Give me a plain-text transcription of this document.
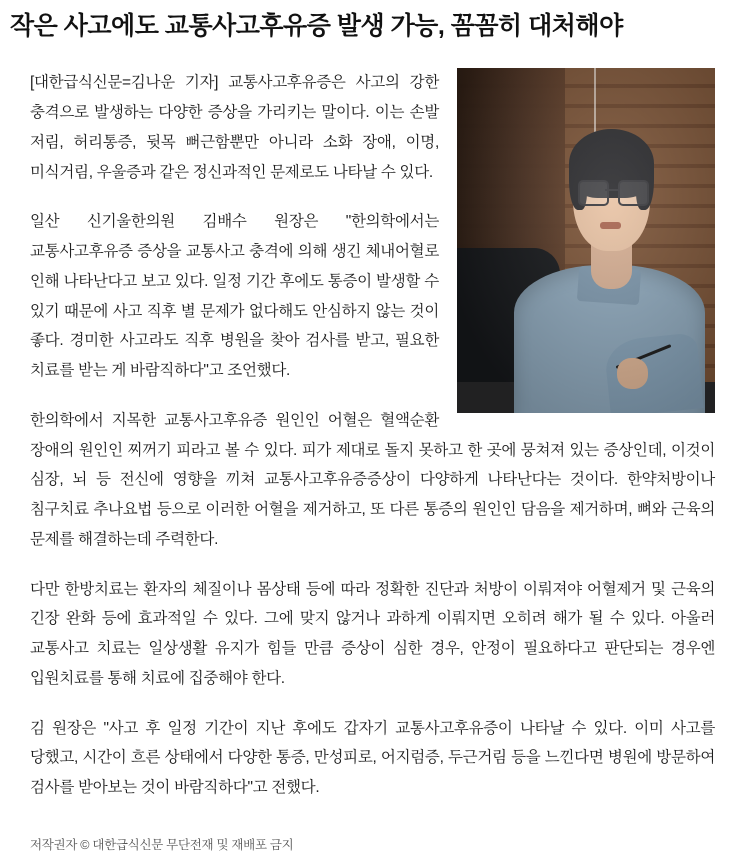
작은 사고에도 교통사고후유증 발생 가능, 꼼꼼히 대처해야

[대한급식신문=김나운 기자] 교통사고후유증은 사고의 강한 충격으로 발생하는 다양한 증상을 가리키는 말이다. 이는 손발 저림, 허리통증, 뒷목 뻐근함뿐만 아니라 소화 장애, 이명, 미식거림, 우울증과 같은 정신과적인 문제로도 나타날 수 있다.

일산 신기울한의원 김배수 원장은 "한의학에서는 교통사고후유증 증상을 교통사고 충격에 의해 생긴 체내어혈로 인해 나타난다고 보고 있다. 일정 기간 후에도 통증이 발생할 수 있기 때문에 사고 직후 별 문제가 없다해도 안심하지 않는 것이 좋다. 경미한 사고라도 직후 병원을 찾아 검사를 받고, 필요한 치료를 받는 게 바람직하다"고 조언했다.

한의학에서 지목한 교통사고후유증 원인인 어혈은 혈액순환 장애의 원인인 찌꺼기 피라고 볼 수 있다. 피가 제대로 돌지 못하고 한 곳에 뭉쳐져 있는 증상인데, 이것이 심장, 뇌 등 전신에 영향을 끼쳐 교통사고후유증증상이 다양하게 나타난다는 것이다. 한약처방이나 침구치료 추나요법 등으로 이러한 어혈을 제거하고, 또 다른 통증의 원인인 담음을 제거하며, 뼈와 근육의 문제를 해결하는데 주력한다.

다만 한방치료는 환자의 체질이나 몸상태 등에 따라 정확한 진단과 처방이 이뤄져야 어혈제거 및 근육의 긴장 완화 등에 효과적일 수 있다. 그에 맞지 않거나 과하게 이뤄지면 오히려 해가 될 수 있다. 아울러 교통사고 치료는 일상생활 유지가 힘들 만큼 증상이 심한 경우, 안정이 필요하다고 판단되는 경우엔 입원치료를 통해 치료에 집중해야 한다.

김 원장은 "사고 후 일정 기간이 지난 후에도 갑자기 교통사고후유증이 나타날 수 있다. 이미 사고를 당했고, 시간이 흐른 상태에서 다양한 통증, 만성피로, 어지럼증, 두근거림 등을 느낀다면 병원에 방문하여 검사를 받아보는 것이 바람직하다"고 전했다.

저작권자 © 대한급식신문 무단전재 및 재배포 금지
